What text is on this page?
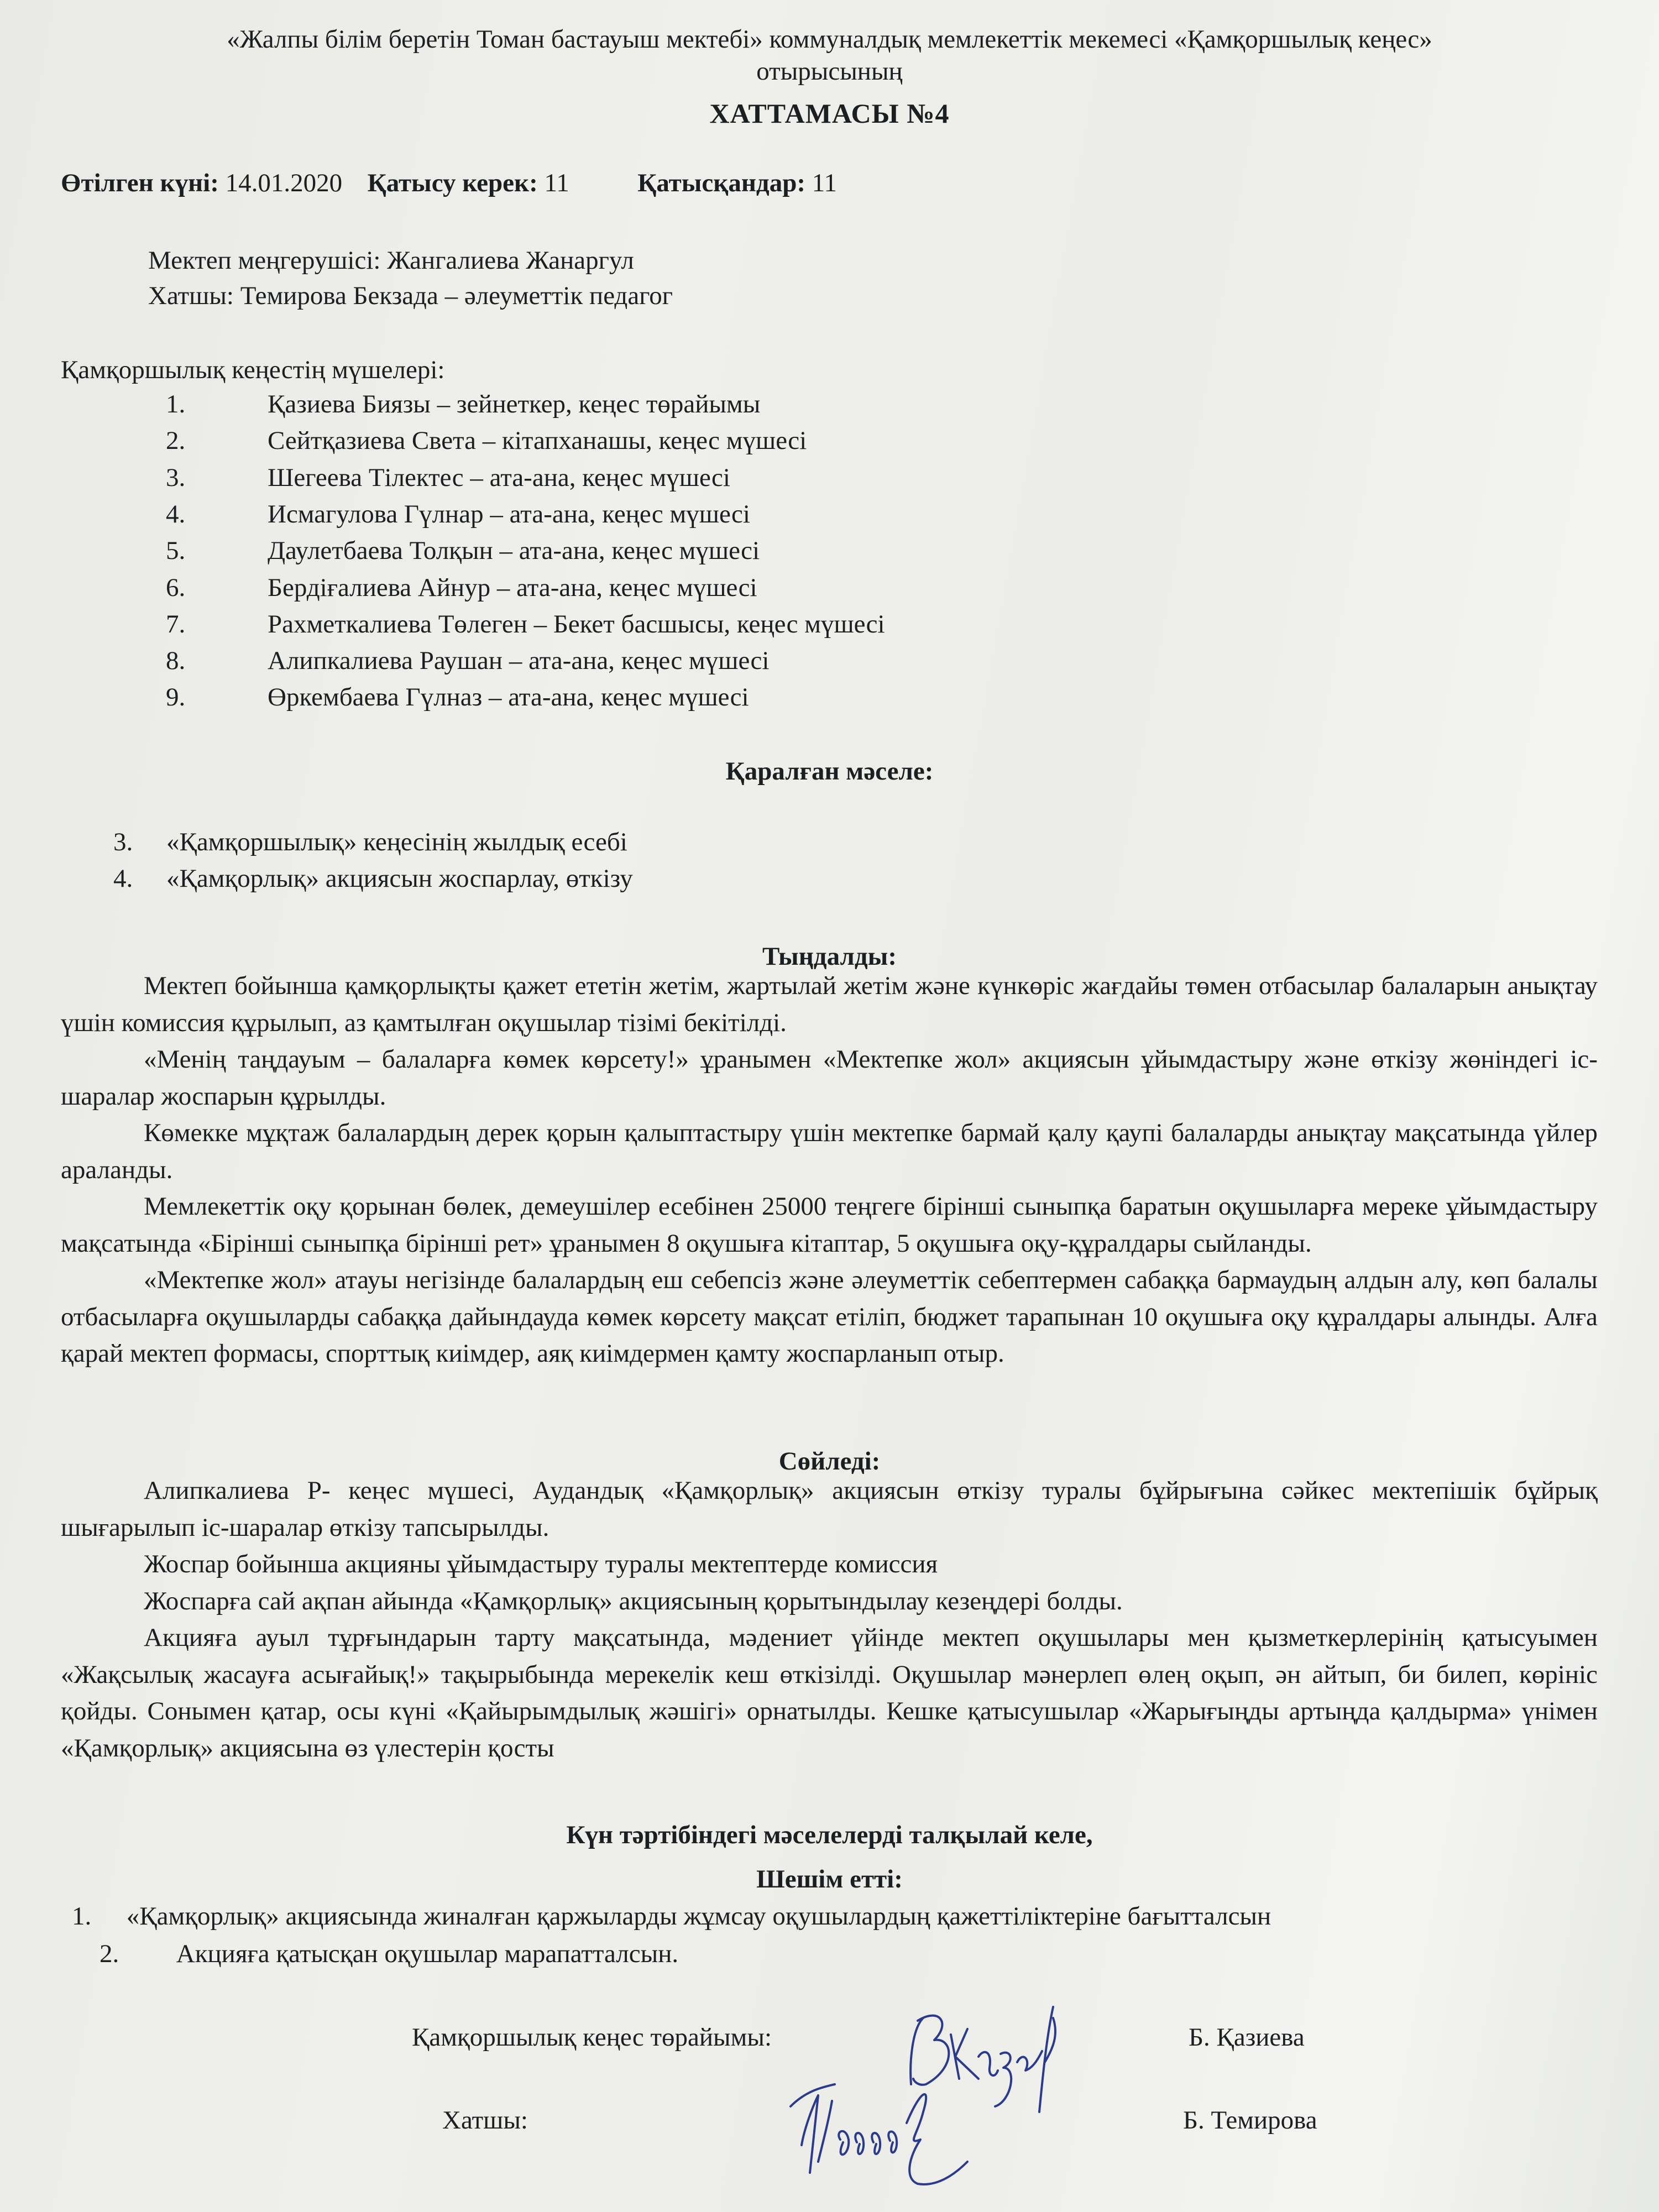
«Жалпы білім беретін Томан бастауыш мектебі» коммуналдық мемлекеттік мекемесі «Қамқоршылық кеңес»
отырысының
ХАТТАМАСЫ №4
Өтілген күні: 14.01.2020 Қатысу керек: 11	Қатысқандар: 11
Мектеп меңгерушісі: Жангалиева Жанаргул
Хатшы: Темирова Бекзада – әлеуметтік педагог
Қамқоршылық кеңестің мүшелері:
1.	Қазиева Биязы – зейнеткер, кеңес төрайымы
2.	Сейтқазиева Света – кітапханашы, кеңес мүшесі
3.	Шегеева Тілектес – ата-ана, кеңес мүшесі
4.	Исмагулова Гүлнар – ата-ана, кеңес мүшесі
5.	Даулетбаева Толқын – ата-ана, кеңес мүшесі
6.	Бердіғалиева Айнур – ата-ана, кеңес мүшесі
7.	Рахметкалиева Төлеген – Бекет басшысы, кеңес мүшесі
8.	Алипкалиева Раушан – ата-ана, кеңес мүшесі
9.	Өркембаева Гүлназ – ата-ана, кеңес мүшесі
Қаралған мәселе:
3. «Қамқоршылық» кеңесінің жылдық есебі
4. «Қамқорлық» акциясын жоспарлау, өткізу
Тыңдалды:

Мектеп бойынша қамқорлықты қажет ететін жетім, жартылай жетім және күнкөріс жағдайы төмен отбасылар балаларын анықтау үшін комиссия құрылып, аз қамтылған оқушылар тізімі бекітілді.

«Менің таңдауым – балаларға көмек көрсету!» ұранымен «Мектепке жол» акциясын ұйымдастыру және өткізу жөніндегі іс-шаралар жоспарын құрылды.

Көмекке мұқтаж балалардың дерек қорын қалыптастыру үшін мектепке бармай қалу қаупі балаларды анықтау мақсатында үйлер араланды.

Мемлекеттік оқу қорынан бөлек, демеушілер есебінен 25000 теңгеге бірінші сыныпқа баратын оқушыларға мереке ұйымдастыру мақсатында «Бірінші сыныпқа бірінші рет» ұранымен 8 оқушыға кітаптар, 5 оқушыға оқу-құралдары сыйланды.

«Мектепке жол» атауы негізінде балалардың еш себепсіз және әлеуметтік себептермен сабаққа бармаудың алдын алу, көп балалы отбасыларға оқушыларды сабаққа дайындауда көмек көрсету мақсат етіліп, бюджет тарапынан 10 оқушыға оқу құралдары алынды. Алға қарай мектеп формасы, спорттық киімдер, аяқ киімдермен қамту жоспарланып отыр.

Сөйледі:

Алипкалиева Р- кеңес мүшесі, Аудандық «Қамқорлық» акциясын өткізу туралы бұйрығына сәйкес мектепішік бұйрық шығарылып іс-шаралар өткізу тапсырылды.

Жоспар бойынша акцияны ұйымдастыру туралы мектептерде комиссия

Жоспарға сай ақпан айында «Қамқорлық» акциясының қорытындылау кезеңдері болды.

Акцияға ауыл тұрғындарын тарту мақсатында, мәдениет үйінде мектеп оқушылары мен қызметкерлерінің қатысуымен «Жақсылық жасауға асығайық!» тақырыбында мерекелік кеш өткізілді. Оқушылар мәнерлеп өлең оқып, ән айтып, би билеп, көрініс қойды. Сонымен қатар, осы күні «Қайырымдылық жәшігі» орнатылды. Кешке қатысушылар «Жарығыңды артыңда қалдырма» үнімен «Қамқорлық» акциясына өз үлестерін қосты

Күн тәртібіндегі мәселелерді талқылай келе,
Шешім етті:
1. «Қамқорлық» акциясында жиналған қаржыларды жұмсау оқушылардың қажеттіліктеріне бағытталсын
2. Акцияға қатысқан оқушылар марапатталсын.
Қамқоршылық кеңес төрайымы:	Б. Қазиева
Хатшы:	Б. Темирова
